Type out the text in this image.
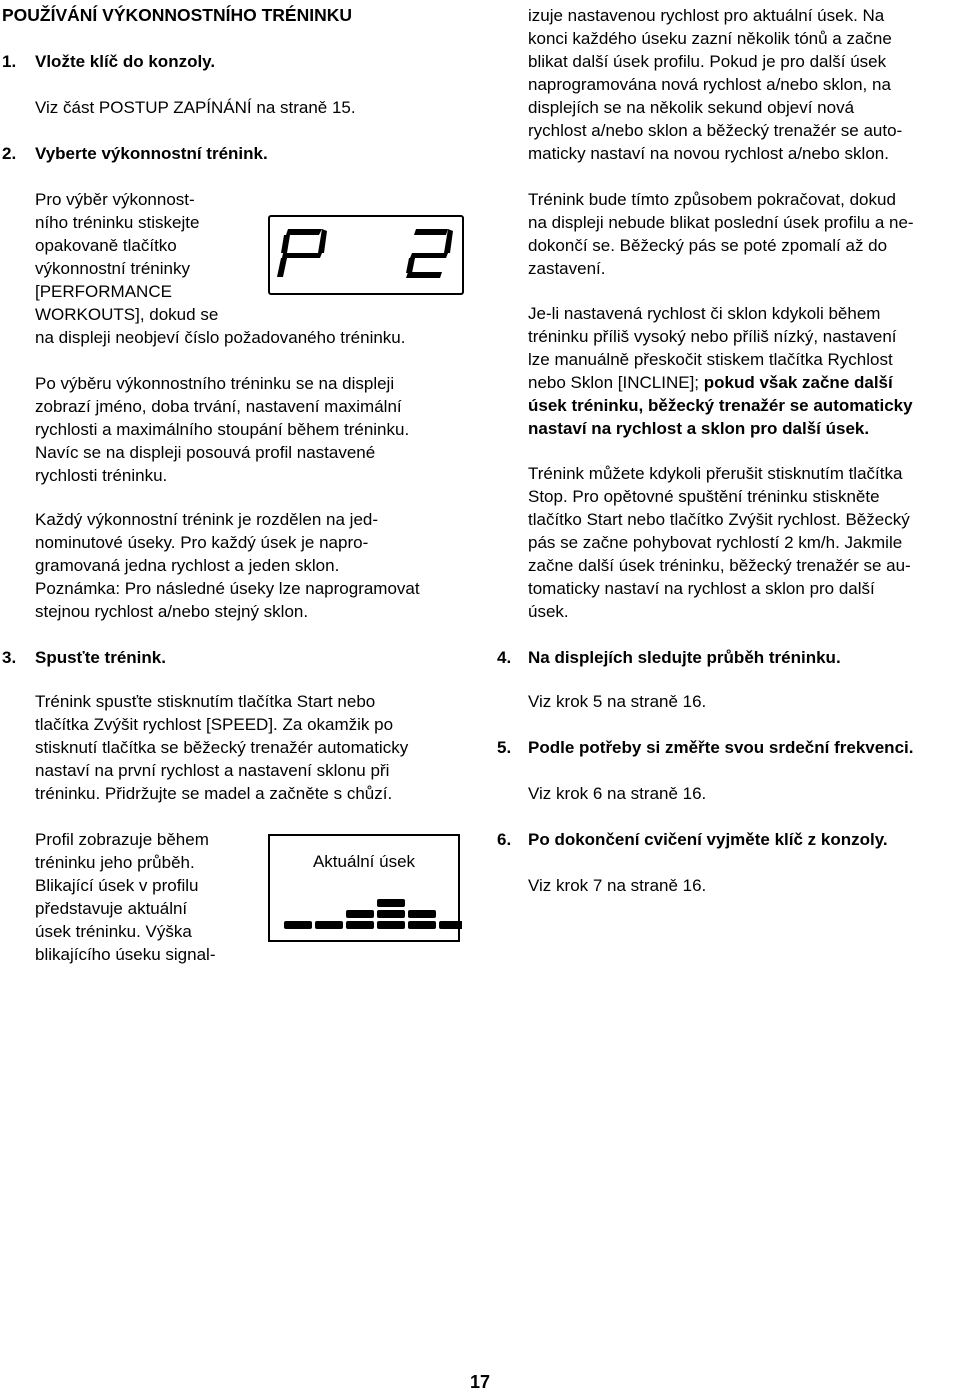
POUŽÍVÁNÍ VÝKONNOSTNÍHO TRÉNINKU
1. Vložte klíč do konzoly.

Viz část POSTUP ZAPÍNÁNÍ na straně 15.

2. Vyberte výkonnostní trénink.
Pro výběr výkonnost-
ního tréninku stiskejte
opakovaně tlačítko
výkonnostní tréninky
[PERFORMANCE
WORKOUTS], dokud se
na displeji neobjeví číslo požadovaného tréninku.
Po výběru výkonnostního tréninku se na displeji
zobrazí jméno, doba trvání, nastavení maximální
rychlosti a maximálního stoupání během tréninku.
Navíc se na displeji posouvá profil nastavené
rychlosti tréninku.
Každý výkonnostní trénink je rozdělen na jed-
nominutové úseky. Pro každý úsek je napro-
gramovaná jedna rychlost a jeden sklon.
Poznámka: Pro následné úseky lze naprogramovat
stejnou rychlost a/nebo stejný sklon.
3. Spusťte trénink.
Trénink spusťte stisknutím tlačítka Start nebo
tlačítka Zvýšit rychlost [SPEED]. Za okamžik po
stisknutí tlačítka se běžecký trenažér automaticky
nastaví na první rychlost a nastavení sklonu při
tréninku. Přidržujte se madel a začněte s chůzí.
Profil zobrazuje během
tréninku jeho průběh.
Blikající úsek v profilu
představuje aktuální
úsek tréninku. Výška
blikajícího úseku signal-
Aktuální úsek
izuje nastavenou rychlost pro aktuální úsek. Na
konci každého úseku zazní několik tónů a začne
blikat další úsek profilu. Pokud je pro další úsek
naprogramována nová rychlost a/nebo sklon, na
displejích se na několik sekund objeví nová
rychlost a/nebo sklon a běžecký trenažér se auto-
maticky nastaví na novou rychlost a/nebo sklon.
Trénink bude tímto způsobem pokračovat, dokud
na displeji nebude blikat poslední úsek profilu a ne-
dokončí se. Běžecký pás se poté zpomalí až do
zastavení.
Je-li nastavená rychlost či sklon kdykoli během
tréninku příliš vysoký nebo příliš nízký, nastavení
lze manuálně přeskočit stiskem tlačítka Rychlost
nebo Sklon [INCLINE]; pokud však začne další
úsek tréninku, běžecký trenažér se automaticky
nastaví na rychlost a sklon pro další úsek.
Trénink můžete kdykoli přerušit stisknutím tlačítka
Stop. Pro opětovné spuštění tréninku stiskněte
tlačítko Start nebo tlačítko Zvýšit rychlost. Běžecký
pás se začne pohybovat rychlostí 2 km/h. Jakmile
začne další úsek tréninku, běžecký trenažér se au-
tomaticky nastaví na rychlost a sklon pro další
úsek.
4. Na displejích sledujte průběh tréninku.

Viz krok 5 na straně 16.

5. Podle potřeby si změřte svou srdeční frekvenci.

Viz krok 6 na straně 16.

6. Po dokončení cvičení vyjměte klíč z konzoly.

Viz krok 7 na straně 16.

17
